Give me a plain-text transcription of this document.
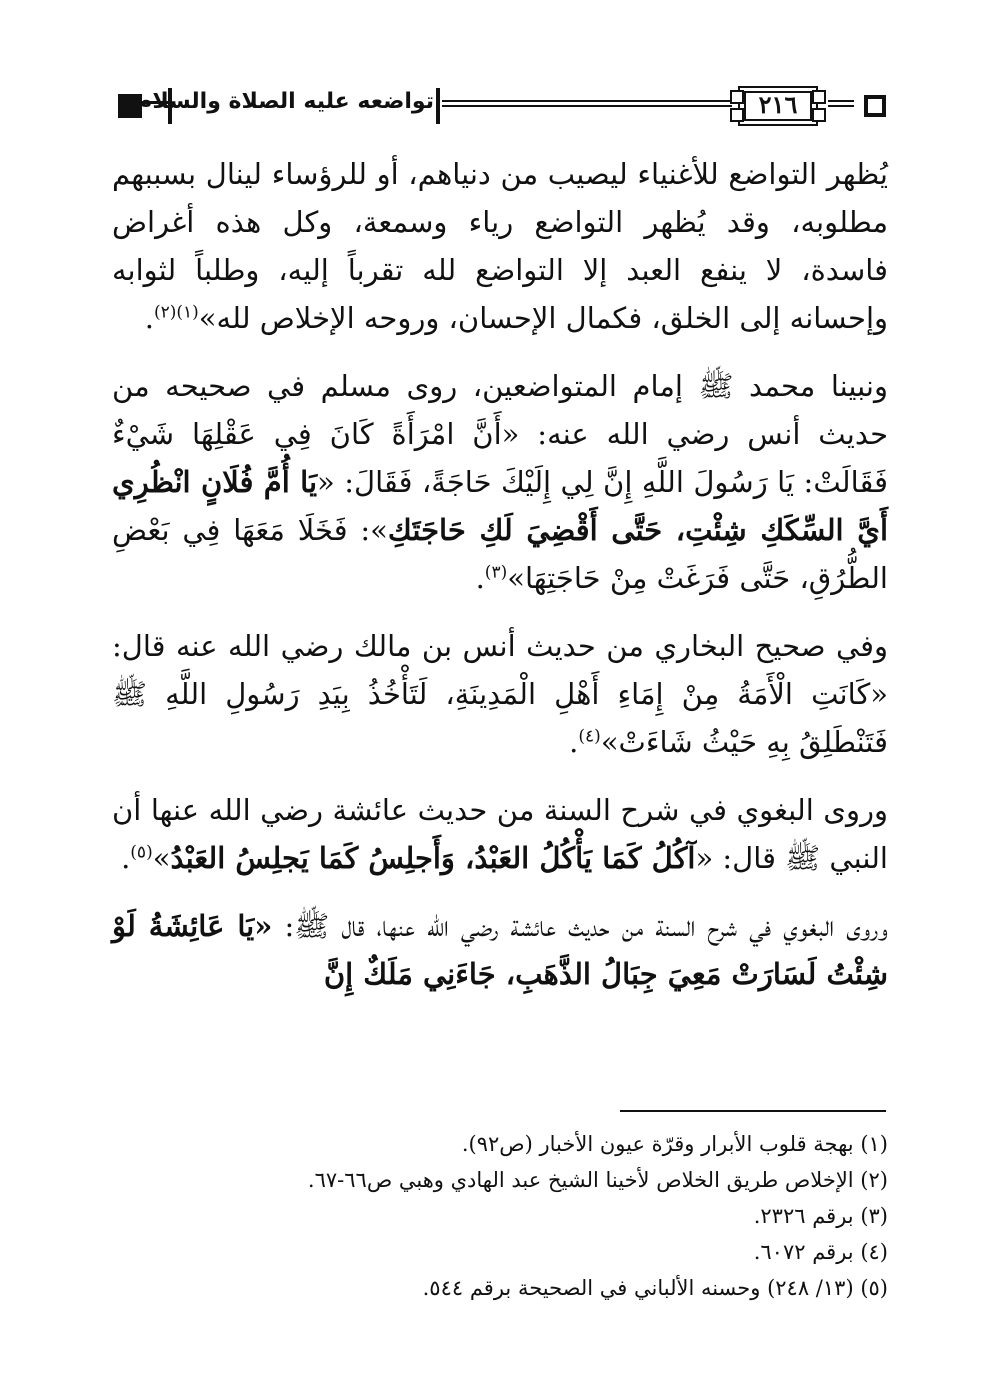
تواضعه عليه الصلاة والسلام	٢١٦

يُظهر التواضع للأغنياء ليصيب من دنياهم، أو للرؤساء لينال بسببهم مطلوبه، وقد يُظهر التواضع رياء وسمعة، وكل هذه أغراض فاسدة، لا ينفع العبد إلا التواضع لله تقرباً إليه، وطلباً لثوابه وإحسانه إلى الخلق، فكمال الإحسان، وروحه الإخلاص لله»$^{(١)(٢)}$.

ونبينا محمد ﷺ إمام المتواضعين، روى مسلم في صحيحه من حديث أنس رضي الله عنه: «أَنَّ امْرَأَةً كَانَ فِي عَقْلِهَا شَيْءٌ فَقَالَتْ: يَا رَسُولَ اللَّهِ إِنَّ لِي إِلَيْكَ حَاجَةً، فَقَالَ: «يَا أُمَّ فُلَانٍ انْظُرِي أَيَّ السِّكَكِ شِئْتِ، حَتَّى أَقْضِيَ لَكِ حَاجَتَكِ»: فَخَلَا مَعَهَا فِي بَعْضِ الطُّرُقِ، حَتَّى فَرَغَتْ مِنْ حَاجَتِهَا»$^{(٣)}$.

وفي صحيح البخاري من حديث أنس بن مالك رضي الله عنه قال: «كَانَتِ الْأَمَةُ مِنْ إِمَاءِ أَهْلِ الْمَدِينَةِ، لَتَأْخُذُ بِيَدِ رَسُولِ اللَّهِ ﷺ فَتَنْطَلِقُ بِهِ حَيْثُ شَاءَتْ»$^{(٤)}$.

وروى البغوي في شرح السنة من حديث عائشة رضي الله عنها أن النبي ﷺ قال: «آكُلُ كَمَا يَأْكُلُ العَبْدُ، وَأَجلِسُ كَمَا يَجلِسُ العَبْدُ»$^{(٥)}$.

وروى البغوي في شرح السنة من حديث عائشة رضي الله عنها، قال ﷺ: «يَا عَائِشَةُ لَوْ شِئْتُ لَسَارَتْ مَعِيَ جِبَالُ الذَّهَبِ، جَاءَنِي مَلَكٌ إِنَّ

(١) بهجة قلوب الأبرار وقرّة عيون الأخبار (ص٩٢).

(٢) الإخلاص طريق الخلاص لأخينا الشيخ عبد الهادي وهبي ص٦٦-٦٧.

(٣) برقم ٢٣٢٦.

(٤) برقم ٦٠٧٢.

(٥) (١٣/ ٢٤٨) وحسنه الألباني في الصحيحة برقم ٥٤٤.
